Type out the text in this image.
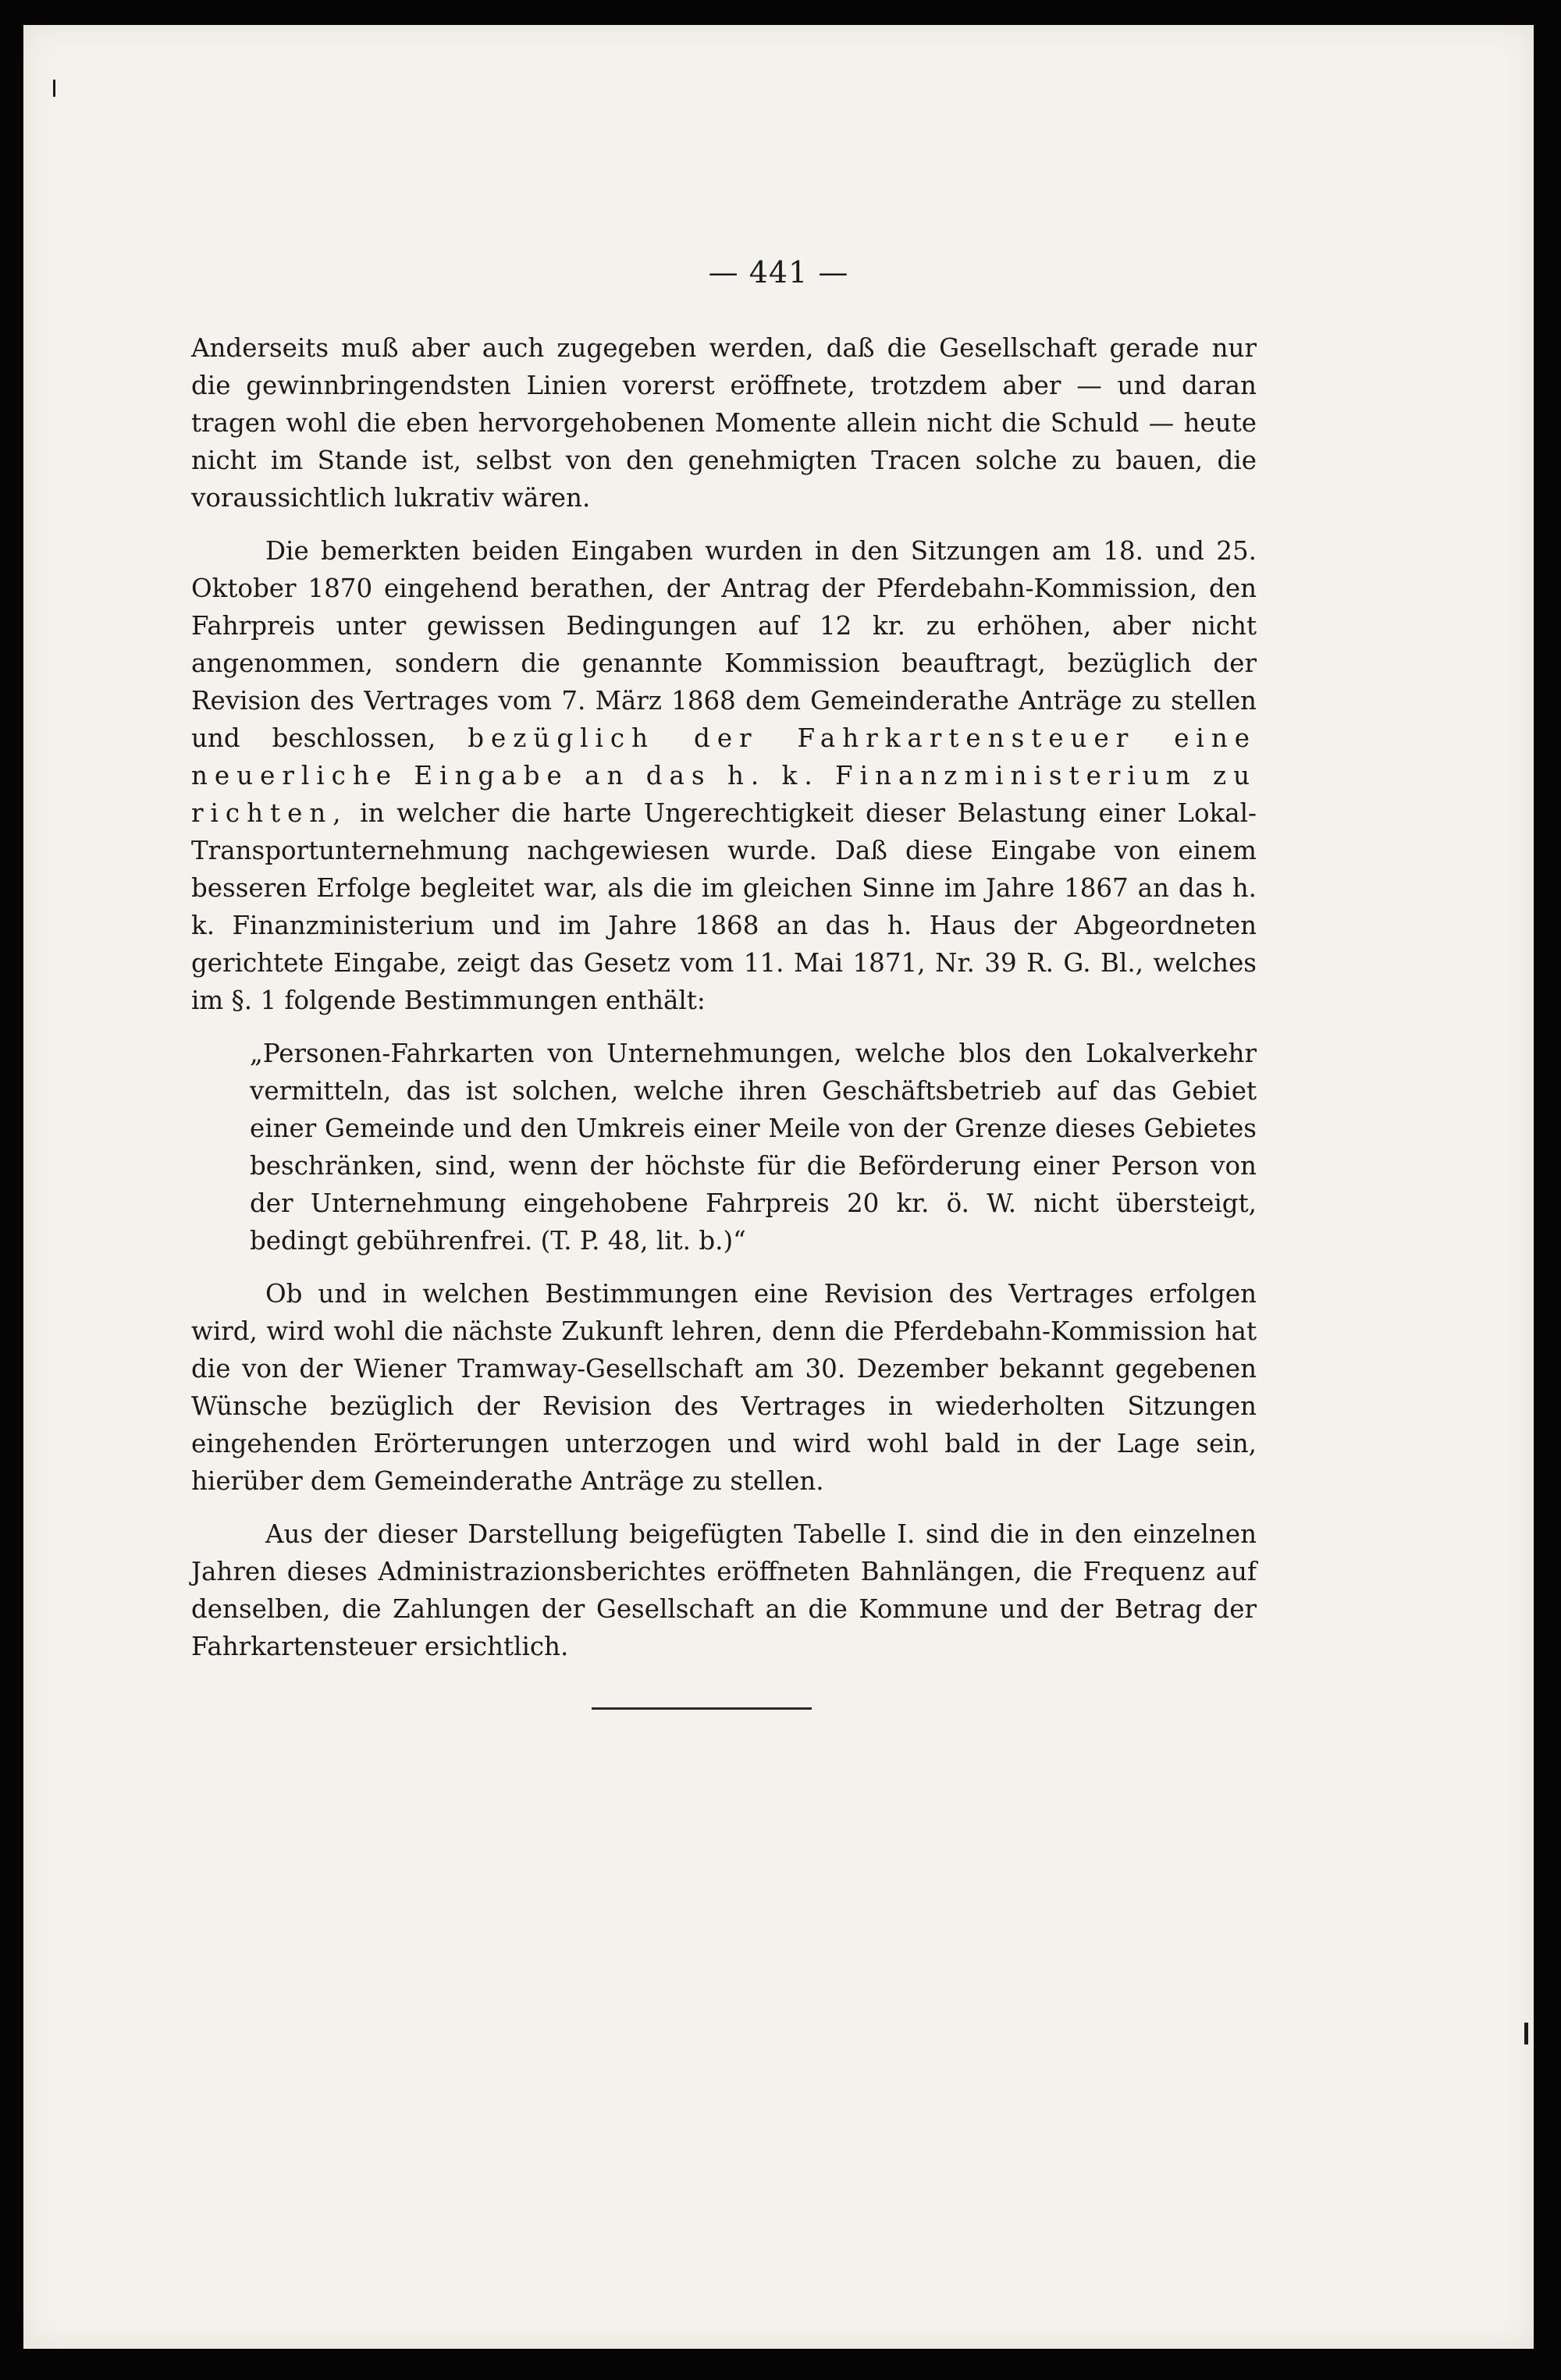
— 441 —

Anderseits muß aber auch zugegeben werden, daß die Gesellschaft gerade nur die gewinnbringendsten Linien vorerst eröffnete, trotzdem aber — und daran tragen wohl die eben hervorgehobenen Momente allein nicht die Schuld — heute nicht im Stande ist, selbst von den genehmigten Tracen solche zu bauen, die voraussichtlich lukrativ wären.

Die bemerkten beiden Eingaben wurden in den Sitzungen am 18. und 25. Oktober 1870 eingehend berathen, der Antrag der Pferdebahn-Kommission, den Fahrpreis unter gewissen Bedingungen auf 12 kr. zu erhöhen, aber nicht angenommen, sondern die genannte Kommission beauftragt, bezüglich der Revision des Vertrages vom 7. März 1868 dem Gemeinderathe Anträge zu stellen und beschlossen, bezüglich der Fahrkartensteuer eine neuerliche Eingabe an das h. k. Finanzministerium zu richten, in welcher die harte Ungerechtigkeit dieser Belastung einer Lokal-Transportunternehmung nachgewiesen wurde. Daß diese Eingabe von einem besseren Erfolge begleitet war, als die im gleichen Sinne im Jahre 1867 an das h. k. Finanzministerium und im Jahre 1868 an das h. Haus der Abgeordneten gerichtete Eingabe, zeigt das Gesetz vom 11. Mai 1871, Nr. 39 R. G. Bl., welches im §. 1 folgende Bestimmungen enthält:

„Personen-Fahrkarten von Unternehmungen, welche blos den Lokalverkehr vermitteln, das ist solchen, welche ihren Geschäftsbetrieb auf das Gebiet einer Gemeinde und den Umkreis einer Meile von der Grenze dieses Gebietes beschränken, sind, wenn der höchste für die Beförderung einer Person von der Unternehmung eingehobene Fahrpreis 20 kr. ö. W. nicht übersteigt, bedingt gebührenfrei. (T. P. 48, lit. b.)“

Ob und in welchen Bestimmungen eine Revision des Vertrages erfolgen wird, wird wohl die nächste Zukunft lehren, denn die Pferdebahn-Kommission hat die von der Wiener Tramway-Gesellschaft am 30. Dezember bekannt gegebenen Wünsche bezüglich der Revision des Vertrages in wiederholten Sitzungen eingehenden Erörterungen unterzogen und wird wohl bald in der Lage sein, hierüber dem Gemeinderathe Anträge zu stellen.

Aus der dieser Darstellung beigefügten Tabelle I. sind die in den einzelnen Jahren dieses Administrazionsberichtes eröffneten Bahnlängen, die Frequenz auf denselben, die Zahlungen der Gesellschaft an die Kommune und der Betrag der Fahrkartensteuer ersichtlich.
